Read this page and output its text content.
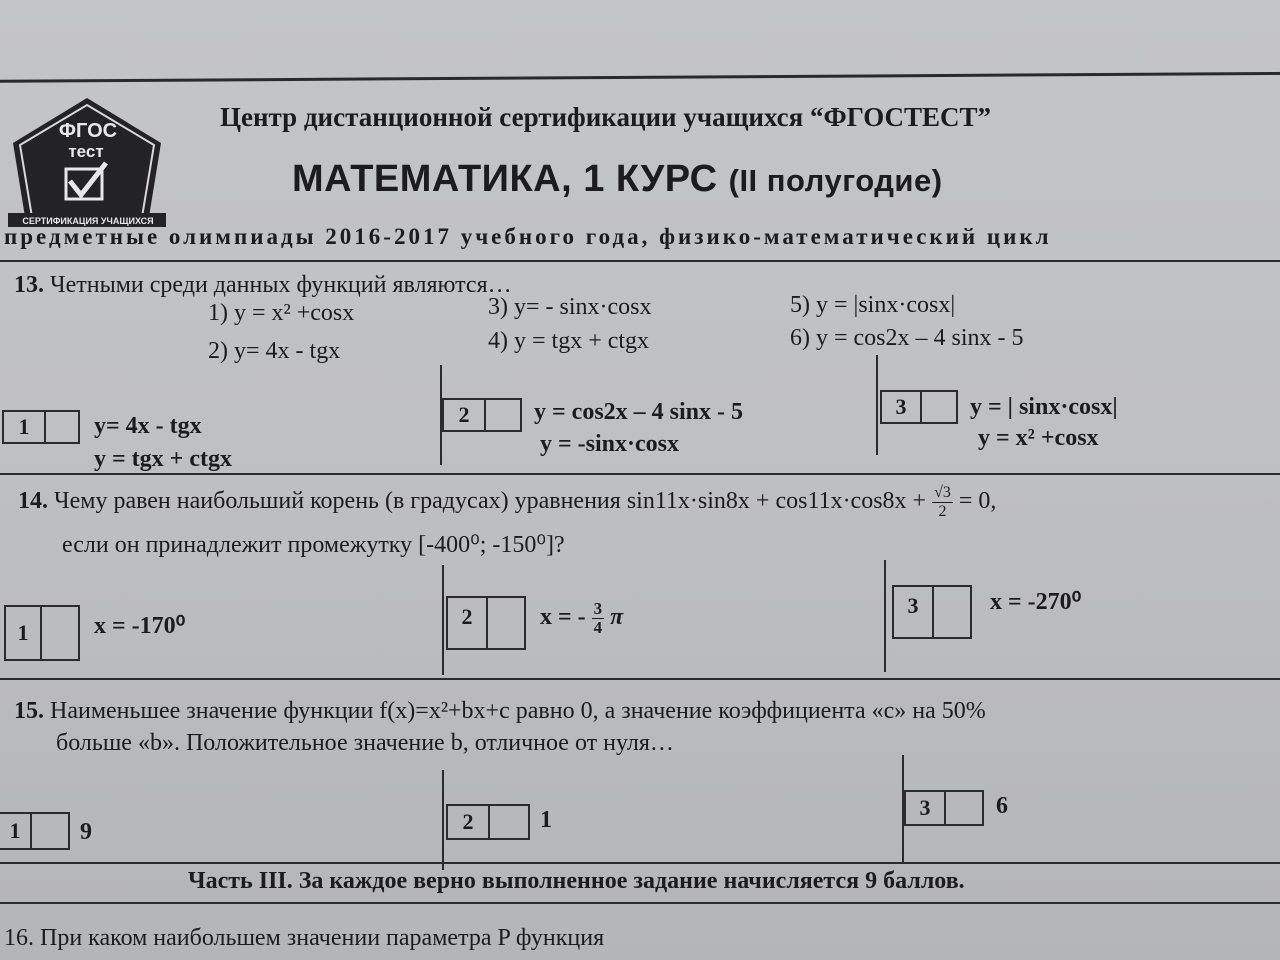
ФГОС
тест
СЕРТИФИКАЦИЯ УЧАЩИХСЯ
Центр дистанционной сертификации учащихся “ФГОСТЕСТ”
МАТЕМАТИКА, 1 КУРС (II полугодие)
предметные олимпиады 2016-2017 учебного года, физико-математический цикл
13. Четными среди данных функций являются…
1) y = x² +cosx
2) y= 4x - tgx
3) y= - sinx·cosx
4) y = tgx + ctgx
5) y = |sinx·cosx|
6) y = cos2x – 4 sinx - 5
1	y= 4x - tgx
y = tgx + ctgx
2	y = cos2x – 4 sinx - 5
y = -sinx·cosx
3	y = | sinx·cosx|
y = x² +cosx
14. Чему равен наибольший корень (в градусах) уравнения $\sin 11x\cdot\sin 8x + \cos 11x\cdot\cos 8x + \frac{√3}{2} = 0$,
если он принадлежит промежутку [-400⁰; -150⁰]?
1	x = -170⁰	2	x = - $\frac{3}{4}$ π	3	x = -270⁰
15. Наименьшее значение функции f(x)=x²+bx+c равно 0, а значение коэффициента «c» на 50%
больше «b». Положительное значение b, отличное от нуля…
1	9	2	1	3	6
Часть III. За каждое верно выполненное задание начисляется 9 баллов.
16. При каком наибольшем значении параметра P функция
